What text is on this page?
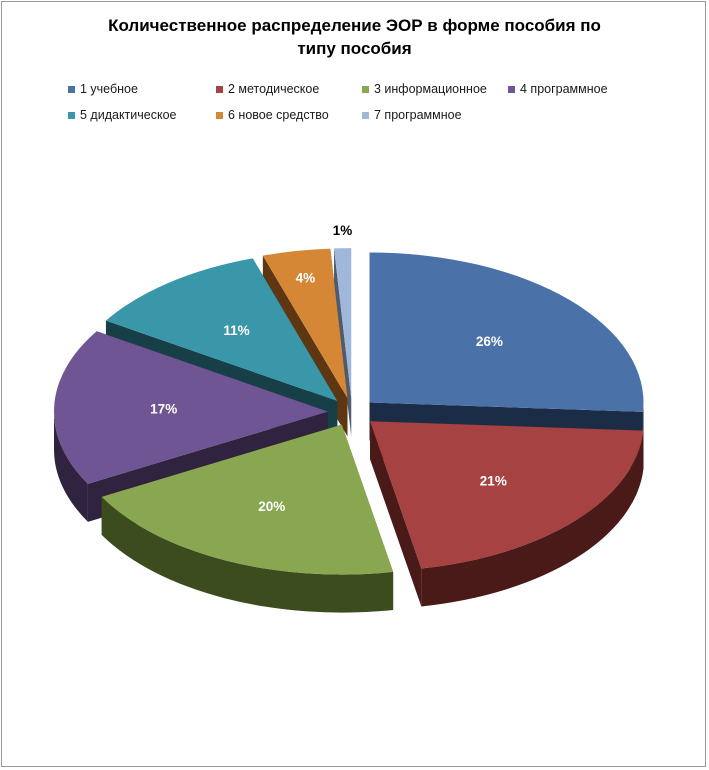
Количественное распределение ЭОР в форме пособия по
типу пособия
1 учебное	2 методическое	3 информационное	4 программное
5 дидактическое	6 новое средство	7 программное
26%
21%
20%
17%
11%
4%
1%
